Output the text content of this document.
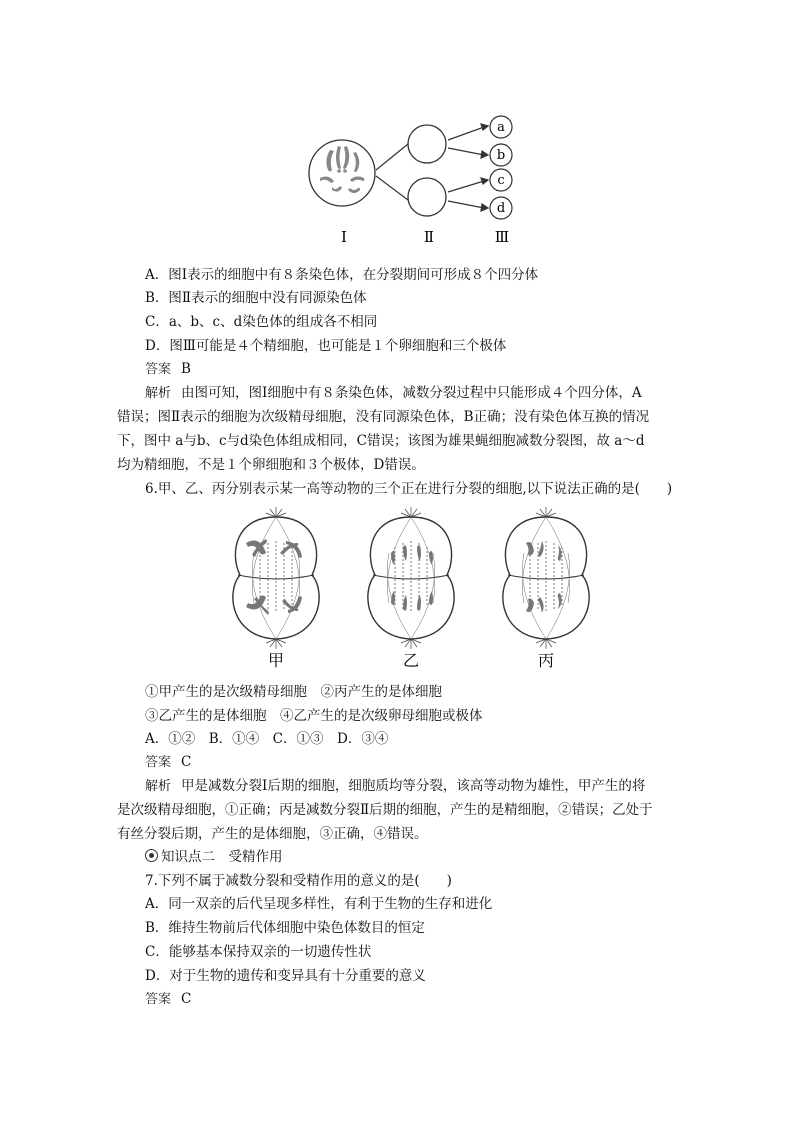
a
b
c
d
Ⅰ	Ⅱ	Ⅲ
A．图Ⅰ表示的细胞中有８条染色体，在分裂期间可形成８个四分体
B．图Ⅱ表示的细胞中没有同源染色体
C．a、b、c、d染色体的组成各不相同
D．图Ⅲ可能是４个精细胞，也可能是１个卵细胞和三个极体
答案 B
解析 由图可知，图Ⅰ细胞中有８条染色体，减数分裂过程中只能形成４个四分体，A
错误；图Ⅱ表示的细胞为次级精母细胞，没有同源染色体，B正确；没有染色体互换的情况
下，图中 a与b、c与d染色体组成相同，C错误；该图为雄果蝇细胞减数分裂图，故 a～d
均为精细胞，不是１个卵细胞和３个极体，D错误。
6.甲、乙、丙分别表示某一高等动物的三个正在进行分裂的细胞,以下说法正确的是(　　)
甲	乙	丙
①甲产生的是次级精母细胞　②丙产生的是体细胞
③乙产生的是体细胞　④乙产生的是次级卵母细胞或极体
A．①②　B．①④　C．①③　D．③④
答案 C
解析 甲是减数分裂Ⅰ后期的细胞，细胞质均等分裂，该高等动物为雄性，甲产生的将
是次级精母细胞，①正确；丙是减数分裂Ⅱ后期的细胞，产生的是精细胞，②错误；乙处于
有丝分裂后期，产生的是体细胞，③正确，④错误。
知识点二　受精作用
7.下列不属于减数分裂和受精作用的意义的是(　　)
A．同一双亲的后代呈现多样性，有利于生物的生存和进化
B．维持生物前后代体细胞中染色体数目的恒定
C．能够基本保持双亲的一切遗传性状
D．对于生物的遗传和变异具有十分重要的意义
答案 C
